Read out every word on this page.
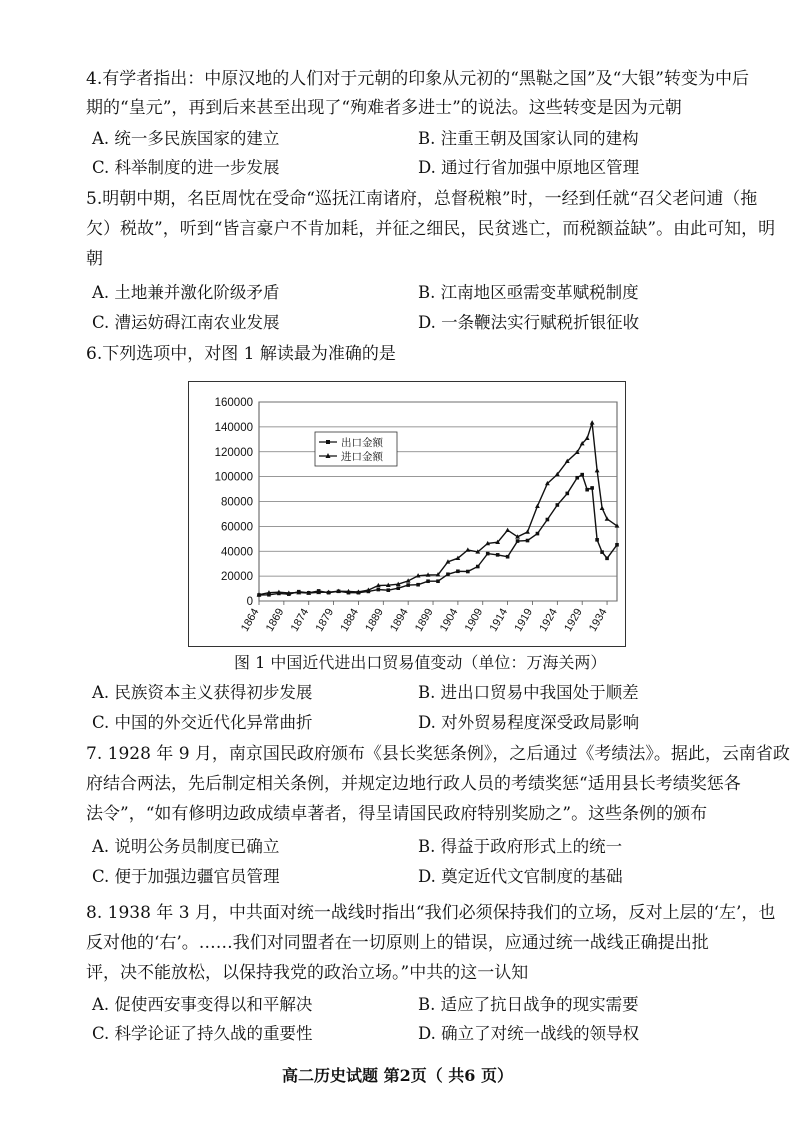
4.有学者指出：中原汉地的人们对于元朝的印象从元初的“黑鞑之国”及“大银”转变为中后
期的“皇元”，再到后来甚至出现了“殉难者多进士”的说法。这些转变是因为元朝
A. 统一多民族国家的建立	B. 注重王朝及国家认同的建构
C. 科举制度的进一步发展	D. 通过行省加强中原地区管理
5.明朝中期，名臣周忱在受命“巡抚江南诸府，总督税粮”时，一经到任就“召父老问逋（拖
欠）税故”，听到“皆言豪户不肯加耗，并征之细民，民贫逃亡，而税额益缺”。由此可知，明
朝
A. 土地兼并激化阶级矛盾	B. 江南地区亟需变革赋税制度
C. 漕运妨碍江南农业发展	D. 一条鞭法实行赋税折银征收
6.下列选项中，对图 1 解读最为准确的是
0
20000
40000
60000
80000
100000
120000
140000
160000
1864 1869 1874 1879 1884 1889 1894 1899 1904 1909 1914 1919 1924 1929 1934
出口金额
进口金额
图 1 中国近代进出口贸易值变动（单位：万海关两）
A. 民族资本主义获得初步发展	B. 进出口贸易中我国处于顺差
C. 中国的外交近代化异常曲折	D. 对外贸易程度深受政局影响
7. 1928 年 9 月，南京国民政府颁布《县长奖惩条例》，之后通过《考绩法》。据此，云南省政
府结合两法，先后制定相关条例，并规定边地行政人员的考绩奖惩“适用县长考绩奖惩各
法令”，“如有修明边政成绩卓著者，得呈请国民政府特别奖励之”。这些条例的颁布
A. 说明公务员制度已确立	B. 得益于政府形式上的统一
C. 便于加强边疆官员管理	D. 奠定近代文官制度的基础
8. 1938 年 3 月，中共面对统一战线时指出“我们必须保持我们的立场，反对上层的‘左’，也
反对他的‘右’。……我们对同盟者在一切原则上的错误，应通过统一战线正确提出批
评，决不能放松，以保持我党的政治立场。”中共的这一认知
A. 促使西安事变得以和平解决	B. 适应了抗日战争的现实需要
C. 科学论证了持久战的重要性	D. 确立了对统一战线的领导权
高二历史试题 第2页（ 共6 页）
